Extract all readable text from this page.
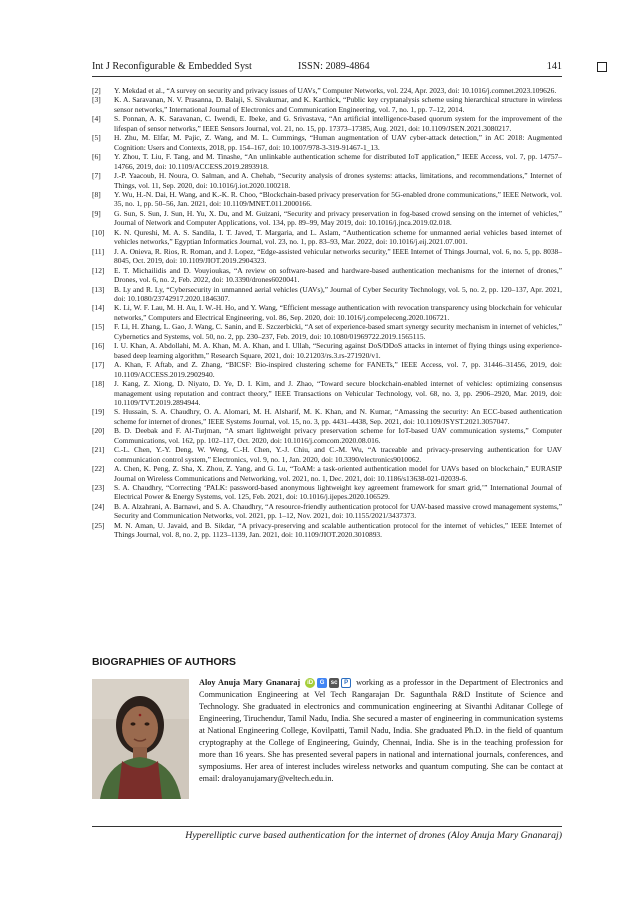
Int J Reconfigurable & Embedded Syst	ISSN: 2089-4864	141
[2]	Y. Mekdad et al., “A survey on security and privacy issues of UAVs,” Computer Networks, vol. 224, Apr. 2023, doi: 10.1016/j.comnet.2023.109626.
[3]	K. A. Saravanan, N. V. Prasanna, D. Balaji, S. Sivakumar, and K. Karthick, “Public key cryptanalysis scheme using hierarchical structure in wireless sensor networks,” International Journal of Electronics and Communication Engineering, vol. 7, no. 1, pp. 7–12, 2014.
[4]	S. Ponnan, A. K. Saravanan, C. Iwendi, E. Ibeke, and G. Srivastava, “An artificial intelligence-based quorum system for the improvement of the lifespan of sensor networks,” IEEE Sensors Journal, vol. 21, no. 15, pp. 17373–17385, Aug. 2021, doi: 10.1109/JSEN.2021.3080217.
[5]	H. Zhu, M. Elfar, M. Pajic, Z. Wang, and M. L. Cummings, “Human augmentation of UAV cyber-attack detection,” in AC 2018: Augmented Cognition: Users and Contexts, 2018, pp. 154–167, doi: 10.1007/978-3-319-91467-1_13.
[6]	Y. Zhou, T. Liu, F. Tang, and M. Tinashe, “An unlinkable authentication scheme for distributed IoT application,” IEEE Access, vol. 7, pp. 14757–14766, 2019, doi: 10.1109/ACCESS.2019.2893918.
[7]	J.-P. Yaacoub, H. Noura, O. Salman, and A. Chehab, “Security analysis of drones systems: attacks, limitations, and recommendations,” Internet of Things, vol. 11, Sep. 2020, doi: 10.1016/j.iot.2020.100218.
[8]	Y. Wu, H.-N. Dai, H. Wang, and K.-K. R. Choo, “Blockchain-based privacy preservation for 5G-enabled drone communications,” IEEE Network, vol. 35, no. 1, pp. 50–56, Jan. 2021, doi: 10.1109/MNET.011.2000166.
[9]	G. Sun, S. Sun, J. Sun, H. Yu, X. Du, and M. Guizani, “Security and privacy preservation in fog-based crowd sensing on the internet of vehicles,” Journal of Network and Computer Applications, vol. 134, pp. 89–99, May 2019, doi: 10.1016/j.jnca.2019.02.018.
[10]	K. N. Qureshi, M. A. S. Sandila, I. T. Javed, T. Margaria, and L. Aslam, “Authentication scheme for unmanned aerial vehicles based internet of vehicles networks,” Egyptian Informatics Journal, vol. 23, no. 1, pp. 83–93, Mar. 2022, doi: 10.1016/j.eij.2021.07.001.
[11]	J. A. Onieva, R. Rios, R. Roman, and J. Lopez, “Edge-assisted vehicular networks security,” IEEE Internet of Things Journal, vol. 6, no. 5, pp. 8038–8045, Oct. 2019, doi: 10.1109/JIOT.2019.2904323.
[12]	E. T. Michailidis and D. Vouyioukas, “A review on software-based and hardware-based authentication mechanisms for the internet of drones,” Drones, vol. 6, no. 2, Feb. 2022, doi: 10.3390/drones6020041.
[13]	B. Ly and R. Ly, “Cybersecurity in unmanned aerial vehicles (UAVs),” Journal of Cyber Security Technology, vol. 5, no. 2, pp. 120–137, Apr. 2021, doi: 10.1080/23742917.2020.1846307.
[14]	K. Li, W. F. Lau, M. H. Au, I. W.-H. Ho, and Y. Wang, “Efficient message authentication with revocation transparency using blockchain for vehicular networks,” Computers and Electrical Engineering, vol. 86, Sep. 2020, doi: 10.1016/j.compeleceng.2020.106721.
[15]	F. Li, H. Zhang, L. Gao, J. Wang, C. Sanin, and E. Szczerbicki, “A set of experience-based smart synergy security mechanism in internet of vehicles,” Cybernetics and Systems, vol. 50, no. 2, pp. 230–237, Feb. 2019, doi: 10.1080/01969722.2019.1565115.
[16]	I. U. Khan, A. Abdollahi, M. A. Khan, M. A. Khan, and I. Ullah, “Securing against DoS/DDoS attacks in internet of flying things using experience-based deep learning algorithm,” Research Square, 2021, doi: 10.21203/rs.3.rs-271920/v1.
[17]	A. Khan, F. Aftab, and Z. Zhang, “BICSF: Bio-inspired clustering scheme for FANETs,” IEEE Access, vol. 7, pp. 31446–31456, 2019, doi: 10.1109/ACCESS.2019.2902940.
[18]	J. Kang, Z. Xiong, D. Niyato, D. Ye, D. I. Kim, and J. Zhao, “Toward secure blockchain-enabled internet of vehicles: optimizing consensus management using reputation and contract theory,” IEEE Transactions on Vehicular Technology, vol. 68, no. 3, pp. 2906–2920, Mar. 2019, doi: 10.1109/TVT.2019.2894944.
[19]	S. Hussain, S. A. Chaudhry, O. A. Alomari, M. H. Alsharif, M. K. Khan, and N. Kumar, “Amassing the security: An ECC-based authentication scheme for internet of drones,” IEEE Systems Journal, vol. 15, no. 3, pp. 4431–4438, Sep. 2021, doi: 10.1109/JSYST.2021.3057047.
[20]	B. D. Deebak and F. Al-Turjman, “A smart lightweight privacy preservation scheme for IoT-based UAV communication systems,” Computer Communications, vol. 162, pp. 102–117, Oct. 2020, doi: 10.1016/j.comcom.2020.08.016.
[21]	C.-L. Chen, Y.-Y. Deng, W. Weng, C.-H. Chen, Y.-J. Chiu, and C.-M. Wu, “A traceable and privacy-preserving authentication for UAV communication control system,” Electronics, vol. 9, no. 1, Jan. 2020, doi: 10.3390/electronics9010062.
[22]	A. Chen, K. Peng, Z. Sha, X. Zhou, Z. Yang, and G. Lu, “ToAM: a task-oriented authentication model for UAVs based on blockchain,” EURASIP Journal on Wireless Communications and Networking, vol. 2021, no. 1, Dec. 2021, doi: 10.1186/s13638-021-02039-6.
[23]	S. A. Chaudhry, “Correcting ‘PALK: password-based anonymous lightweight key agreement framework for smart grid,’” International Journal of Electrical Power & Energy Systems, vol. 125, Feb. 2021, doi: 10.1016/j.ijepes.2020.106529.
[24]	B. A. Alzahrani, A. Barnawi, and S. A. Chaudhry, “A resource-friendly authentication protocol for UAV-based massive crowd management systems,” Security and Communication Networks, vol. 2021, pp. 1–12, Nov. 2021, doi: 10.1155/2021/3437373.
[25]	M. N. Aman, U. Javaid, and B. Sikdar, “A privacy-preserving and scalable authentication protocol for the internet of vehicles,” IEEE Internet of Things Journal, vol. 8, no. 2, pp. 1123–1139, Jan. 2021, doi: 10.1109/JIOT.2020.3010893.
BIOGRAPHIES OF AUTHORS
Aloy Anuja Mary Gnanaraj	iD	G	sc	P working as a professor in the Department of Electronics and Communication Engineering at Vel Tech Rangarajan Dr. Sagunthala R&D Institute of Science and Technology. She graduated in electronics and communication engineering at Sivanthi Aditanar College of Engineering, Tiruchendur, Tamil Nadu, India. She secured a master of engineering in communication systems at National Engineering College, Kovilpatti, Tamil Nadu, India. She graduated Ph.D. in the field of quantum cryptography at the College of Engineering, Guindy, Chennai, India. She is in the teaching profession for more than 16 years. She has presented several papers in national and international journals, conferences, and symposiums. Her area of interest includes wireless networks and quantum computing. She can be contact at email: draloyanujamary@veltech.edu.in.
Hyperelliptic curve based authentication for the internet of drones (Aloy Anuja Mary Gnanaraj)
